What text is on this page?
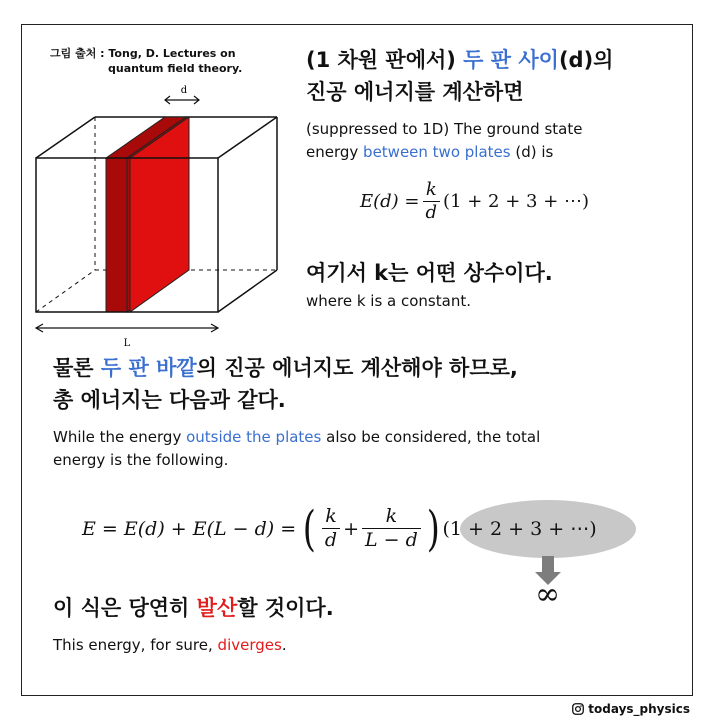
그림 출처 : Tong, D. Lectures on
quantum field theory.
d
L
(1 차원 판에서) 두 판 사이(d)의
진공 에너지를 계산하면
(suppressed to 1D) The ground state
energy between two plates (d) is
$E(d) = \frac{k}{d} (1 + 2 + 3$ + ⋯)
여기서 k는 어떤 상수이다.
where k is a constant.
물론 두 판 바깥의 진공 에너지도 계산해야 하므로,
총 에너지는 다음과 같다.
While the energy outside the plates also be considered, the total
energy is the following.
E = E(d) + E(L − d) = ( $\frac{k}{d} + \frac{k}{L - d}$ ) (1 + 2 + 3 + ⋯)
∞
이 식은 당연히 발산할 것이다.
This energy, for sure, diverges.
todays_physics
